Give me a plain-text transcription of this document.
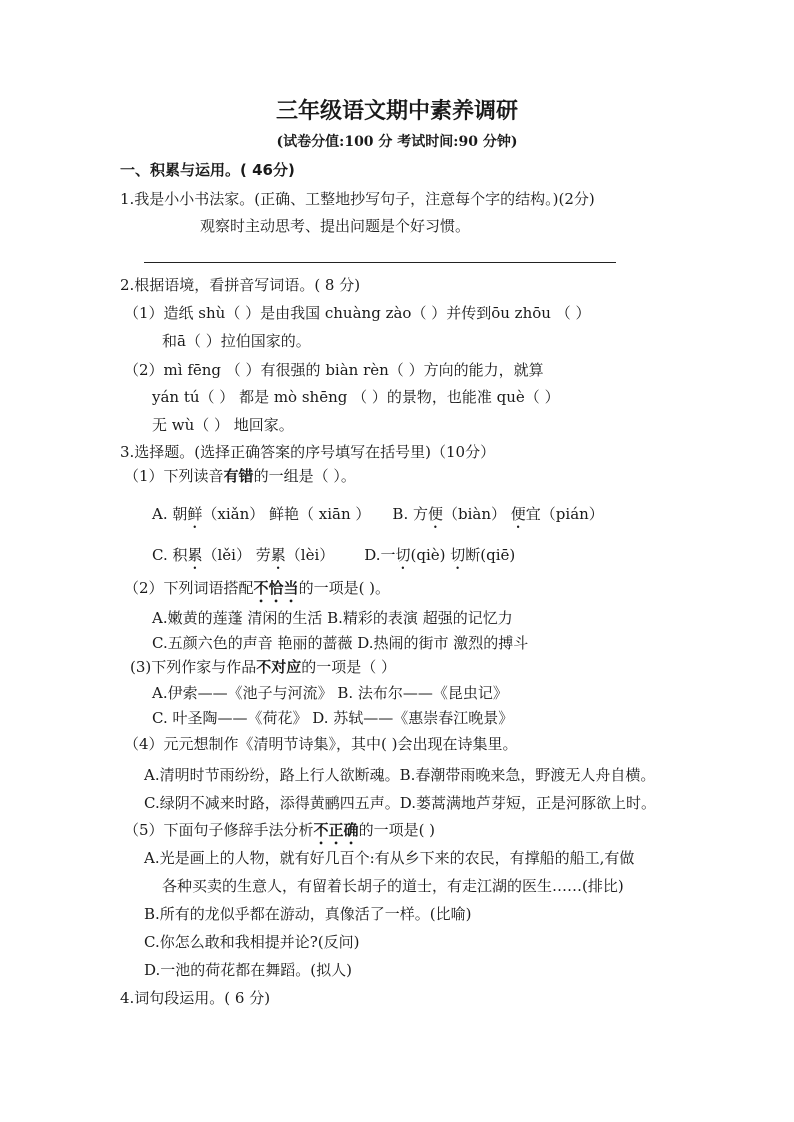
三年级语文期中素养调研
(试卷分值:100 分 考试时间:90 分钟)
一、积累与运用。( 46分)
1.我是小小书法家。(正确、工整地抄写句子，注意每个字的结构。)(2分)
观察时主动思考、提出问题是个好习惯。
2.根据语境，看拼音写词语。( 8 分)
（1）造纸 shù（ ）是由我国 chuàng zào（ ）并传到ōu zhōu （ ）
和ā（ ）拉伯国家的。
（2）mì fēng （ ）有很强的 biàn rèn（ ）方向的能力，就算
yán tú（ ） 都是 mò shēng （ ）的景物，也能准 què（ ）
无 wù（ ） 地回家。
3.选择题。(选择正确答案的序号填写在括号里)（10分）
（1）下列读音有错的一组是（ ）。
A. 朝鲜（xiǎn） 鲜艳（ xiān ） B. 方便（biàn） 便宜（pián）
C. 积累（lěi） 劳累（lèi） D.一切(qiè) 切断(qiē)
（2）下列词语搭配不恰当的一项是( )。
A.嫩黄的莲蓬 清闲的生活 B.精彩的表演 超强的记忆力
C.五颜六色的声音 艳丽的蔷薇 D.热闹的街市 激烈的搏斗
(3)下列作家与作品不对应的一项是（ ）
A.伊索——《池子与河流》 B. 法布尔——《昆虫记》
C. 叶圣陶——《荷花》 D. 苏轼——《惠崇春江晚景》
（4）元元想制作《清明节诗集》，其中( )会出现在诗集里。
A.清明时节雨纷纷，路上行人欲断魂。B.春潮带雨晚来急，野渡无人舟自横。
C.绿阴不减来时路，添得黄鹂四五声。D.蒌蒿满地芦芽短，正是河豚欲上时。
（5）下面句子修辞手法分析不正确的一项是( )
A.光是画上的人物，就有好几百个:有从乡下来的农民，有撑船的船工,有做
各种买卖的生意人，有留着长胡子的道士，有走江湖的医生……(排比)
B.所有的龙似乎都在游动，真像活了一样。(比喻)
C.你怎么敢和我相提并论?(反问)
D.一池的荷花都在舞蹈。(拟人)
4.词句段运用。( 6 分)
